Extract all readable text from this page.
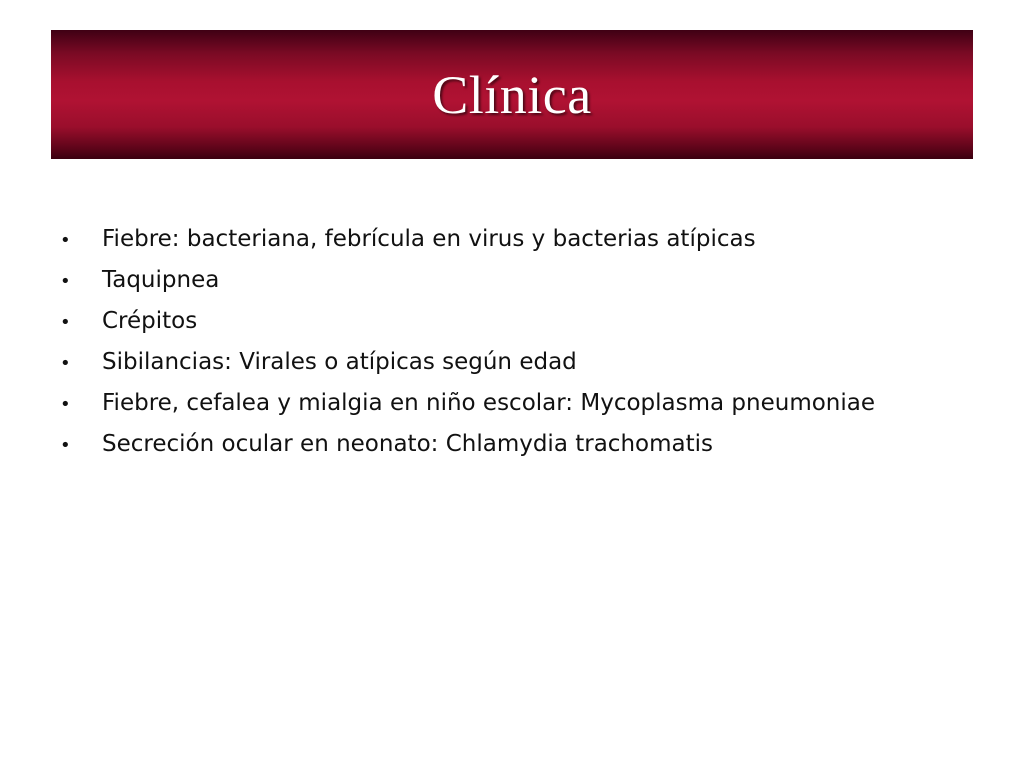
Clínica
•	Fiebre: bacteriana, febrícula en virus y bacterias atípicas
•	Taquipnea
•	Crépitos
•	Sibilancias: Virales o atípicas según edad
•	Fiebre, cefalea y mialgia en niño escolar: Mycoplasma pneumoniae
•	Secreción ocular en neonato: Chlamydia trachomatis
